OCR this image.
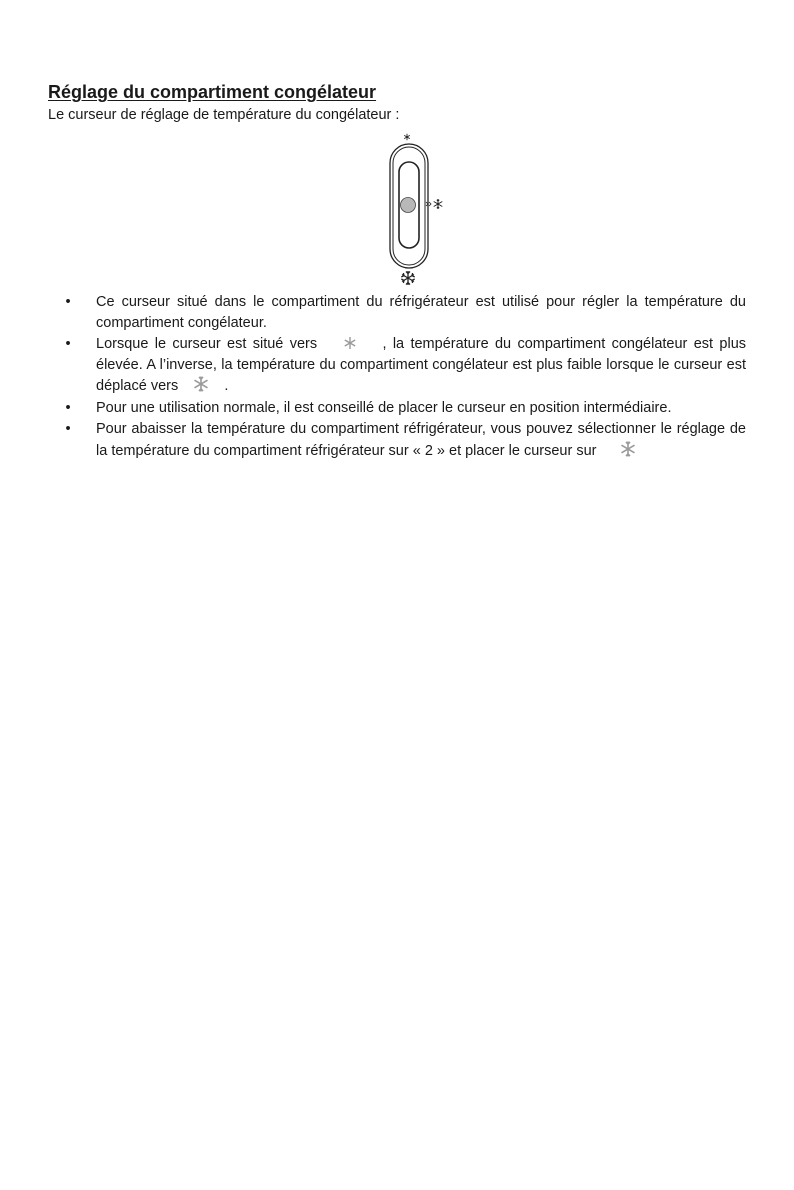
Réglage du compartiment congélateur

Le curseur de réglage de température du congélateur :

• Ce curseur situé dans le compartiment du réfrigérateur est utilisé pour régler la température du compartiment congélateur.
• Lorsque le curseur est situé vers	, la température du compartiment congélateur est plus élevée. A l’inverse, la température du compartiment congélateur est plus faible lorsque le curseur est déplacé vers	.
• Pour une utilisation normale, il est conseillé de placer le curseur en position intermédiaire.
• Pour abaisser la température du compartiment réfrigérateur, vous pouvez sélectionner le réglage de la température du compartiment réfrigérateur sur « 2 » et placer le curseur sur
